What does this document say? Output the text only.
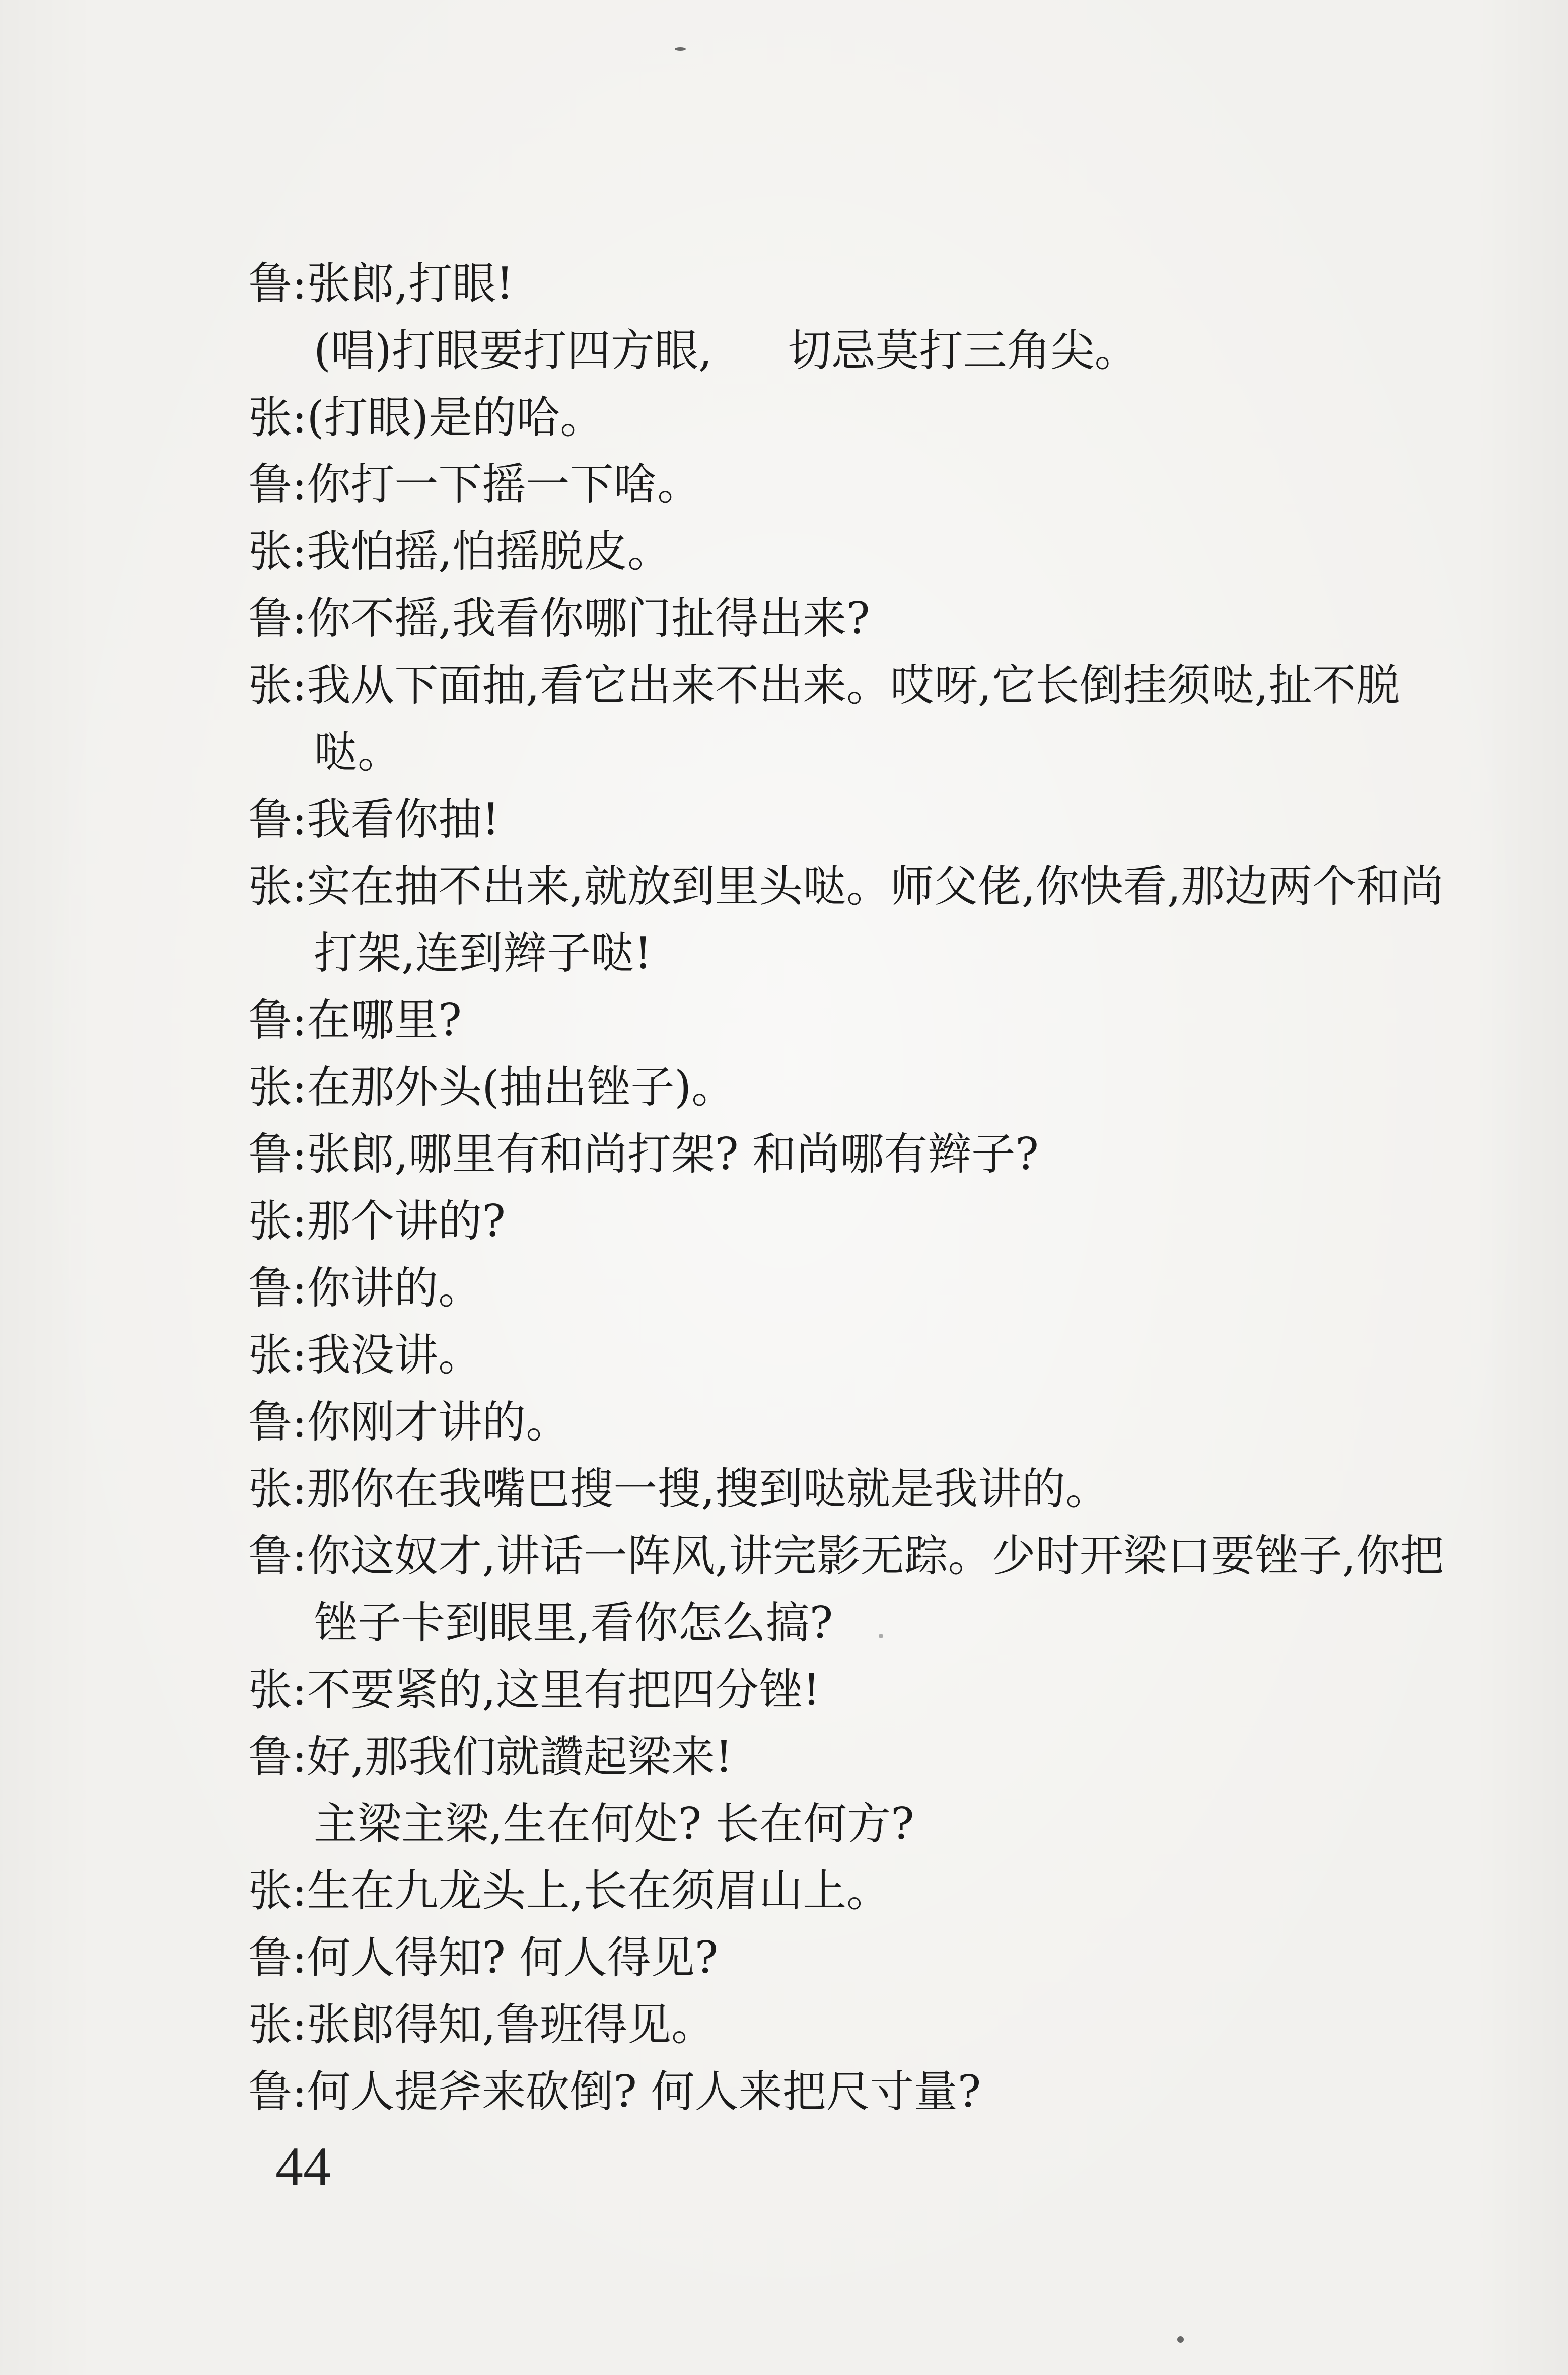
鲁:张郎,打眼!
(唱)打眼要打四方眼, 切忌莫打三角尖。
张:(打眼)是的哈。
鲁:你打一下摇一下啥。
张:我怕摇,怕摇脱皮。
鲁:你不摇,我看你哪门扯得出来?
张:我从下面抽,看它出来不出来。哎呀,它长倒挂须哒,扯不脱
哒。
鲁:我看你抽!
张:实在抽不出来,就放到里头哒。师父佬,你快看,那边两个和尚
打架,连到辫子哒!
鲁:在哪里?
张:在那外头(抽出锉子)。
鲁:张郎,哪里有和尚打架? 和尚哪有辫子?
张:那个讲的?
鲁:你讲的。
张:我没讲。
鲁:你刚才讲的。
张:那你在我嘴巴搜一搜,搜到哒就是我讲的。
鲁:你这奴才,讲话一阵风,讲完影无踪。少时开梁口要锉子,你把
锉子卡到眼里,看你怎么搞?
张:不要紧的,这里有把四分锉!
鲁:好,那我们就讚起梁来!
主梁主梁,生在何处? 长在何方?
张:生在九龙头上,长在须眉山上。
鲁:何人得知? 何人得见?
张:张郎得知,鲁班得见。
鲁:何人提斧来砍倒? 何人来把尺寸量?
44
